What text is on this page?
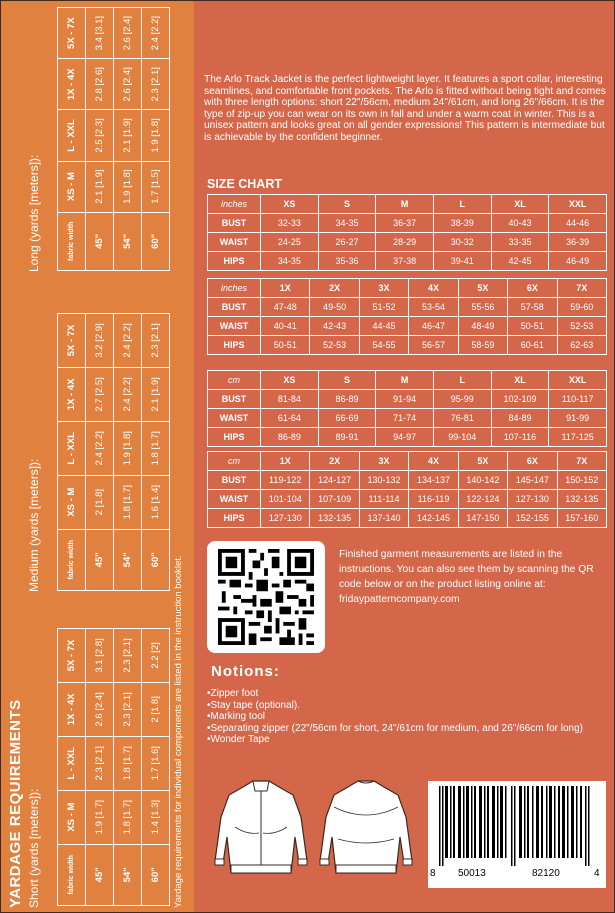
YARDAGE REQUIREMENTS Short (yards [meters]):
Medium (yards [meters]):
Long (yards [meters]):
fabric width	XS - M	L - XXL	1X - 4X	5X - 7X
45"	1.9 [1.7]	2.3 [2.1]	2.6 [2.4]	3.1 [2.8]
54"	1.8 [1.7]	1.8 [1.7]	2.3 [2.1]	2.3 [2.1]
60"	1.4 [1.3]	1.7 [1.6]	2 [1.8]	2.2 [2]
fabric width	XS - M	L - XXL	1X - 4X	5X - 7X
45"	2 [1.8]	2.4 [2.2]	2.7 [2.5]	3.2 [2.9]
54"	1.8 [1.7]	1.9 [1.8]	2.4 [2.2]	2.4 [2.2]
60"	1.6 [1.4]	1.8 [1.7]	2.1 [1.9]	2.3 [2.1]
fabric width	XS - M	L - XXL	1X - 4X	5X - 7X
45"	2.1 [1.9]	2.5 [2.3]	2.8 [2.6]	3.4 [3.1]
54"	1.9 [1.8]	2.1 [1.9]	2.6 [2.4]	2.6 [2.4]
60"	1.7 [1.5]	1.9 [1.8]	2.3 [2.1]	2.4 [2.2]
Yardage requirements for individual components are listed in the instruction booklet.

The Arlo Track Jacket is the perfect lightweight layer. It features a sport collar, interesting seamlines, and comfortable front pockets. The Arlo is fitted without being tight and comes with three length options: short 22"/56cm, medium 24"/61cm, and long 26"/66cm. It is the type of zip-up you can wear on its own in fall and under a warm coat in winter. This is a unisex pattern and looks great on all gender expressions! This pattern is intermediate but is achievable by the confident beginner.

SIZE CHART

inches	XS	S	M	L	XL	XXL
BUST	32-33	34-35	36-37	38-39	40-43	44-46
WAIST	24-25	26-27	28-29	30-32	33-35	36-39
HIPS	34-35	35-36	37-38	39-41	42-45	46-49
inches	1X	2X	3X	4X	5X	6X	7X
BUST	47-48	49-50	51-52	53-54	55-56	57-58	59-60
WAIST	40-41	42-43	44-45	46-47	48-49	50-51	52-53
HIPS	50-51	52-53	54-55	56-57	58-59	60-61	62-63
cm	XS	S	M	L	XL	XXL
BUST	81-84	86-89	91-94	95-99	102-109	110-117
WAIST	61-64	66-69	71-74	76-81	84-89	91-99
HIPS	86-89	89-91	94-97	99-104	107-116	117-125
cm	1X	2X	3X	4X	5X	6X	7X
BUST	119-122	124-127	130-132	134-137	140-142	145-147	150-152
WAIST	101-104	107-109	111-114	116-119	122-124	127-130	132-135
HIPS	127-130	132-135	137-140	142-145	147-150	152-155	157-160

Finished garment measurements are listed in the instructions. You can also see them by scanning the QR code below or on the product listing online at: fridaypatterncompany.com

Notions:

• Zipper foot
• Stay tape (optional).
• Marking tool
• Separating zipper (22"/56cm for short, 24"/61cm for medium, and 26"/66cm for long)
• Wonder Tape
8 50013	82120	4
